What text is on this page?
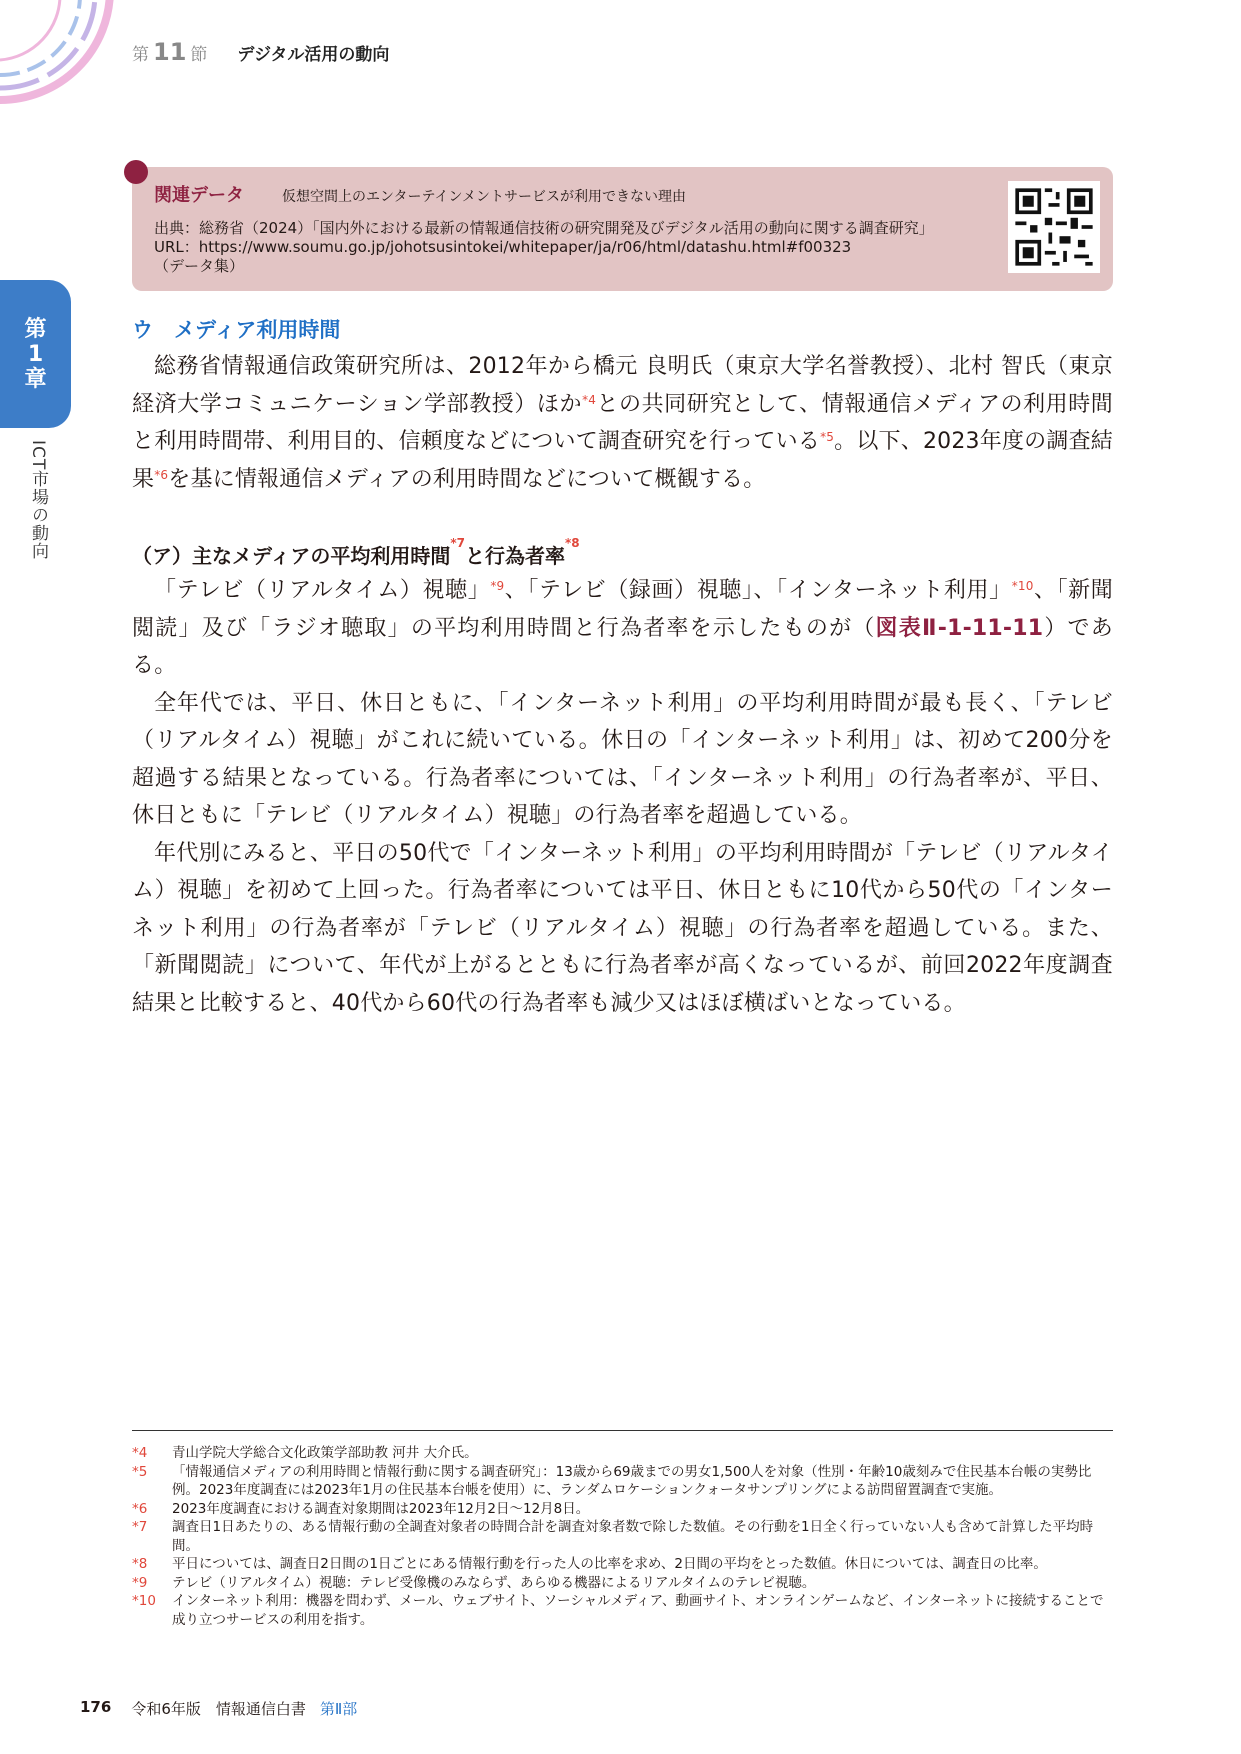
第 11 節 デジタル活用の動向
第
1
章
ICT市場の動向
関連データ	仮想空間上のエンターテインメントサービスが利用できない理由
出典：総務省（2024）「国内外における最新の情報通信技術の研究開発及びデジタル活用の動向に関する調査研究」
URL：https://www.soumu.go.jp/johotsusintokei/whitepaper/ja/r06/html/datashu.html#f00323
（データ集）
ウ　メディア利用時間

総務省情報通信政策研究所は、2012年から橋元 良明氏（東京大学名誉教授）、北村 智氏（東京経済大学コミュニケーション学部教授）ほか$^{*4}$との共同研究として、情報通信メディアの利用時間と利用時間帯、利用目的、信頼度などについて調査研究を行っている$^{*5}$。以下、2023年度の調査結果$^{*6}$を基に情報通信メディアの利用時間などについて概観する。

（ア）主なメディアの平均利用時間$^{*7}$と行為者率$^{*8}$

「テレビ（リアルタイム）視聴」$^{*9}$、「テレビ（録画）視聴」、「インターネット利用」$^{*10}$、「新聞閲読」及び「ラジオ聴取」の平均利用時間と行為者率を示したものが（図表Ⅱ-1-11-11）である。

全年代では、平日、休日ともに、「インターネット利用」の平均利用時間が最も長く、「テレビ（リアルタイム）視聴」がこれに続いている。休日の「インターネット利用」は、初めて200分を超過する結果となっている。行為者率については、「インターネット利用」の行為者率が、平日、休日ともに「テレビ（リアルタイム）視聴」の行為者率を超過している。

年代別にみると、平日の50代で「インターネット利用」の平均利用時間が「テレビ（リアルタイム）視聴」を初めて上回った。行為者率については平日、休日ともに10代から50代の「インターネット利用」の行為者率が「テレビ（リアルタイム）視聴」の行為者率を超過している。また、「新聞閲読」について、年代が上がるとともに行為者率が高くなっているが、前回2022年度調査結果と比較すると、40代から60代の行為者率も減少又はほぼ横ばいとなっている。

*4	青山学院大学総合文化政策学部助教 河井 大介氏。
*5	「情報通信メディアの利用時間と情報行動に関する調査研究」：13歳から69歳までの男女1,500人を対象（性別・年齢10歳刻みで住民基本台帳の実勢比例。2023年度調査には2023年1月の住民基本台帳を使用）に、ランダムロケーションクォータサンプリングによる訪問留置調査で実施。
*6	2023年度調査における調査対象期間は2023年12月2日〜12月8日。
*7	調査日1日あたりの、ある情報行動の全調査対象者の時間合計を調査対象者数で除した数値。その行動を1日全く行っていない人も含めて計算した平均時間。
*8	平日については、調査日2日間の1日ごとにある情報行動を行った人の比率を求め、2日間の平均をとった数値。休日については、調査日の比率。
*9	テレビ（リアルタイム）視聴：テレビ受像機のみならず、あらゆる機器によるリアルタイムのテレビ視聴。
*10	インターネット利用：機器を問わず、メール、ウェブサイト、ソーシャルメディア、動画サイト、オンラインゲームなど、インターネットに接続することで成り立つサービスの利用を指す。
176 令和6年版　情報通信白書 第Ⅱ部
